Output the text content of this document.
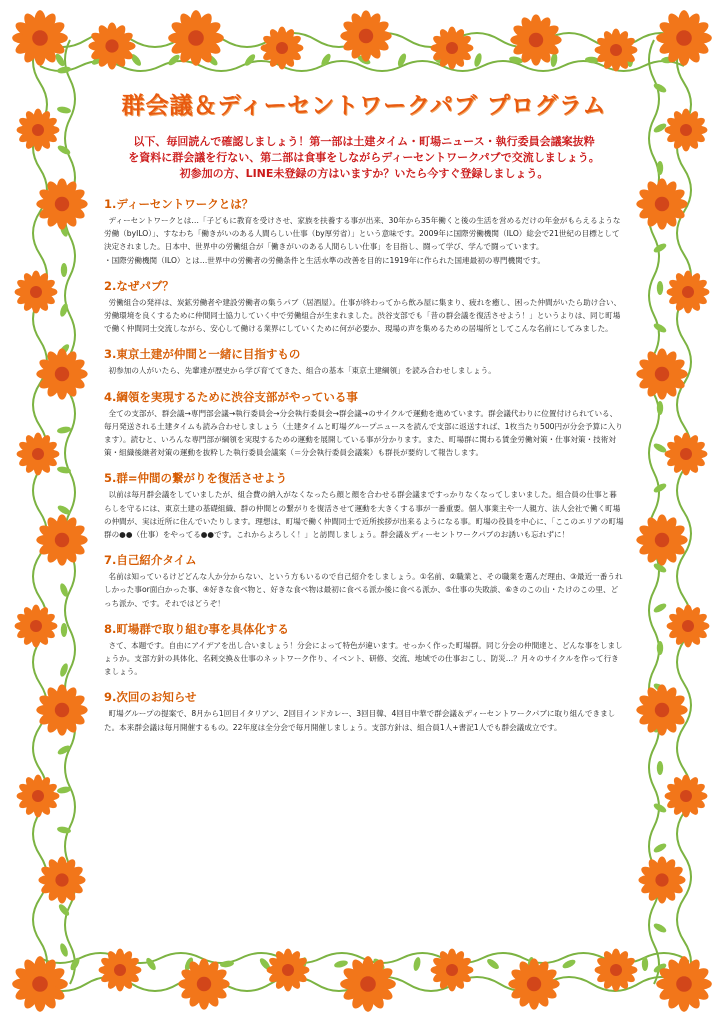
群会議＆ディーセントワークパブ プログラム
以下、毎回読んで確認しましょう！第一部は土建タイム・町場ニュース・執行委員会議案抜粋
を資料に群会議を行ない、第二部は食事をしながらディーセントワークパブで交流しましょう。
初参加の方、LINE未登録の方はいますか？いたら今すぐ登録しましょう。
1.ディーセントワークとは？

ディーセントワークとは…「子どもに教育を受けさせ、家族を扶養する事が出来、30年から35年働くと後の生活を営めるだけの年金がもらえるような労働（byILO）」、すなわち「働きがいのある人間らしい仕事（by厚労省）」という意味です。2009年に国際労働機関（ILO）総会で21世紀の目標として決定されました。日本中、世界中の労働組合が「働きがいのある人間らしい仕事」を目指し、闘って学び、学んで闘っています。

・国際労働機関（ILO）とは…世界中の労働者の労働条件と生活水準の改善を目的に1919年に作られた国連最初の専門機関です。

2.なぜパブ？

労働組合の発祥は、炭鉱労働者や建設労働者の集うパブ（居酒屋）。仕事が終わってから飲み屋に集まり、疲れを癒し、困った仲間がいたら助け合い、労働環境を良くするために仲間同士協力していく中で労働組合が生まれました。渋谷支部でも「昔の群会議を復活させよう！」というよりは、同じ町場で働く仲間同士交流しながら、安心して働ける業界にしていくために何が必要か、現場の声を集めるための居場所としてこんな名前にしてみました。

3.東京土建が仲間と一緒に目指すもの

初参加の人がいたら、先輩達が歴史から学び育ててきた、組合の基本「東京土建綱領」を読み合わせしましょう。

4.綱領を実現するために渋谷支部がやっている事

全ての支部が、群会議→専門部会議→執行委員会→分会執行委員会→群会議→のサイクルで運動を進めています。群会議代わりに位置付けられている、毎月発送される土建タイムも読み合わせしましょう（土建タイムと町場グループニュースを読んで支部に返送すれば、1枚当たり500円が分会予算に入ります）。読むと、いろんな専門部が綱領を実現するための運動を展開している事が分かります。また、町場群に関わる賃金労働対策・仕事対策・技術対策・組織後継者対策の運動を抜粋した執行委員会議案（＝分会執行委員会議案）も群長が要約して報告します。

5.群=仲間の繋がりを復活させよう

以前は毎月群会議をしていましたが、組合費の納入がなくなったら顔と顔を合わせる群会議まですっかりなくなってしまいました。組合員の仕事と暮らしを守るには、東京土建の基礎組織、群の仲間との繋がりを復活させて運動を大きくする事が一番重要。個人事業主や一人親方、法人会社で働く町場の仲間が、実は近所に住んでいたりします。理想は、町場で働く仲間同士で近所挨拶が出来るようになる事。町場の役員を中心に、「ここのエリアの町場群の●●（仕事）をやってる●●です。これからよろしく！」と訪問しましょう。群会議＆ディーセントワークパブのお誘いも忘れずに！

7.自己紹介タイム

名前は知っているけどどんな人か分からない、という方もいるので自己紹介をしましょう。①名前、②職業と、その職業を選んだ理由、③最近一番うれしかった事or面白かった事、④好きな食べ物と、好きな食べ物は最初に食べる派か後に食べる派か、⑤仕事の失敗談、⑥きのこの山・たけのこの里、どっち派か、です。それではどうぞ！

8.町場群で取り組む事を具体化する

さて、本題です。自由にアイデアを出し合いましょう！分会によって特色が違います。せっかく作った町場群。同じ分会の仲間達と、どんな事をしましょうか。支部方針の具体化、名刺交換＆仕事のネットワーク作り、イベント、研修、交流、地域での仕事おこし、防災…？月々のサイクルを作って行きましょう。

9.次回のお知らせ

町場グループの提案で、8月から1回目イタリアン、2回目インドカレー、3回目韓、4回目中華で群会議＆ディーセントワークパブに取り組んできました。本来群会議は毎月開催するもの。22年度は全分会で毎月開催しましょう。支部方針は、組合員1人+書記1人でも群会議成立です。
